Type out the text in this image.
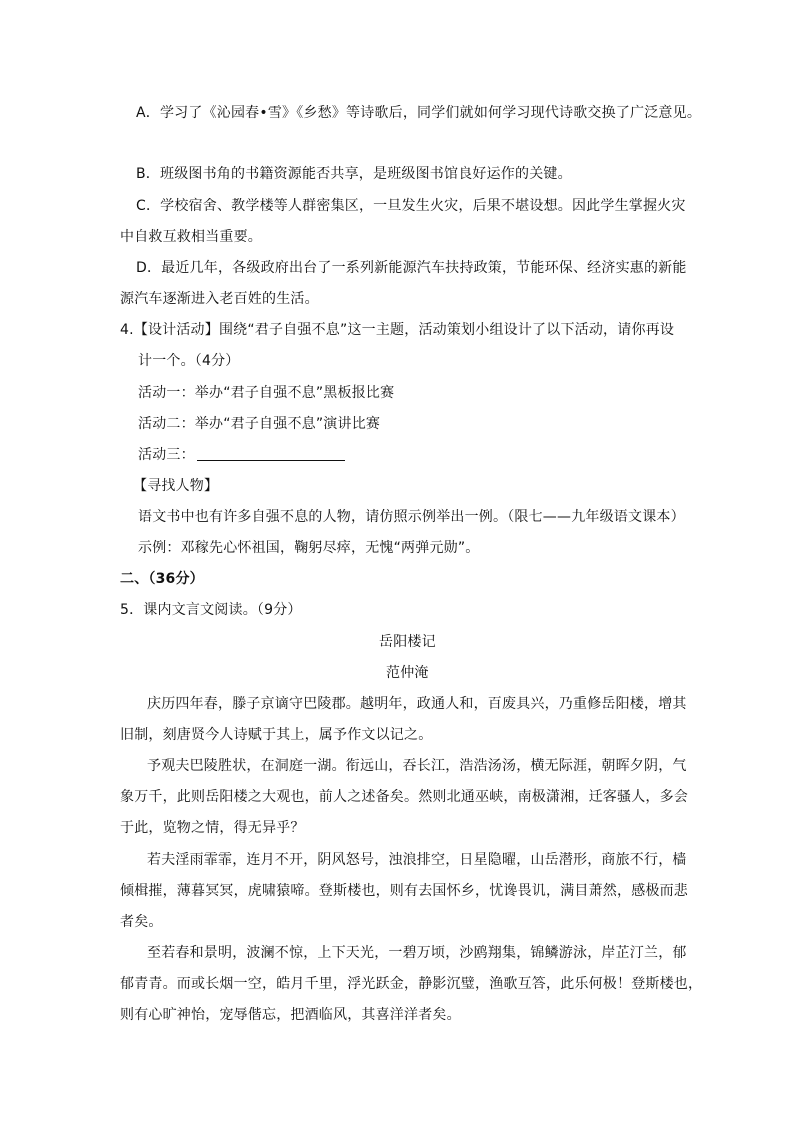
A．学习了《沁园春•雪》《乡愁》等诗歌后，同学们就如何学习现代诗歌交换了广泛意见。
B．班级图书角的书籍资源能否共享，是班级图书馆良好运作的关键。
C．学校宿舍、教学楼等人群密集区，一旦发生火灾，后果不堪设想。因此学生掌握火灾
中自救互救相当重要。
D．最近几年，各级政府出台了一系列新能源汽车扶持政策，节能环保、经济实惠的新能
源汽车逐渐进入老百姓的生活。
4.【设计活动】围绕“君子自强不息”这一主题，活动策划小组设计了以下活动，请你再设
计一个。（4分）
活动一：举办“君子自强不息”黑板报比赛
活动二：举办“君子自强不息”演讲比赛
活动三：
【寻找人物】
语文书中也有许多自强不息的人物，请仿照示例举出一例。（限七——九年级语文课本）
示例：邓稼先心怀祖国，鞠躬尽瘁，无愧“两弹元勋”。
二、（36分）
5．课内文言文阅读。（9分）
岳阳楼记
范仲淹
庆历四年春，滕子京谪守巴陵郡。越明年，政通人和，百废具兴，乃重修岳阳楼，增其
旧制，刻唐贤今人诗赋于其上，属予作文以记之。
予观夫巴陵胜状，在洞庭一湖。衔远山，吞长江，浩浩汤汤，横无际涯，朝晖夕阴，气
象万千，此则岳阳楼之大观也，前人之述备矣。然则北通巫峡，南极潇湘，迁客骚人，多会
于此，览物之情，得无异乎？
若夫淫雨霏霏，连月不开，阴风怒号，浊浪排空，日星隐曜，山岳潜形，商旅不行，樯
倾楫摧，薄暮冥冥，虎啸猿啼。登斯楼也，则有去国怀乡，忧谗畏讥，满目萧然，感极而悲
者矣。
至若春和景明，波澜不惊，上下天光，一碧万顷，沙鸥翔集，锦鳞游泳，岸芷汀兰，郁
郁青青。而或长烟一空，皓月千里，浮光跃金，静影沉璧，渔歌互答，此乐何极！登斯楼也，
则有心旷神怡，宠辱偕忘，把酒临风，其喜洋洋者矣。
